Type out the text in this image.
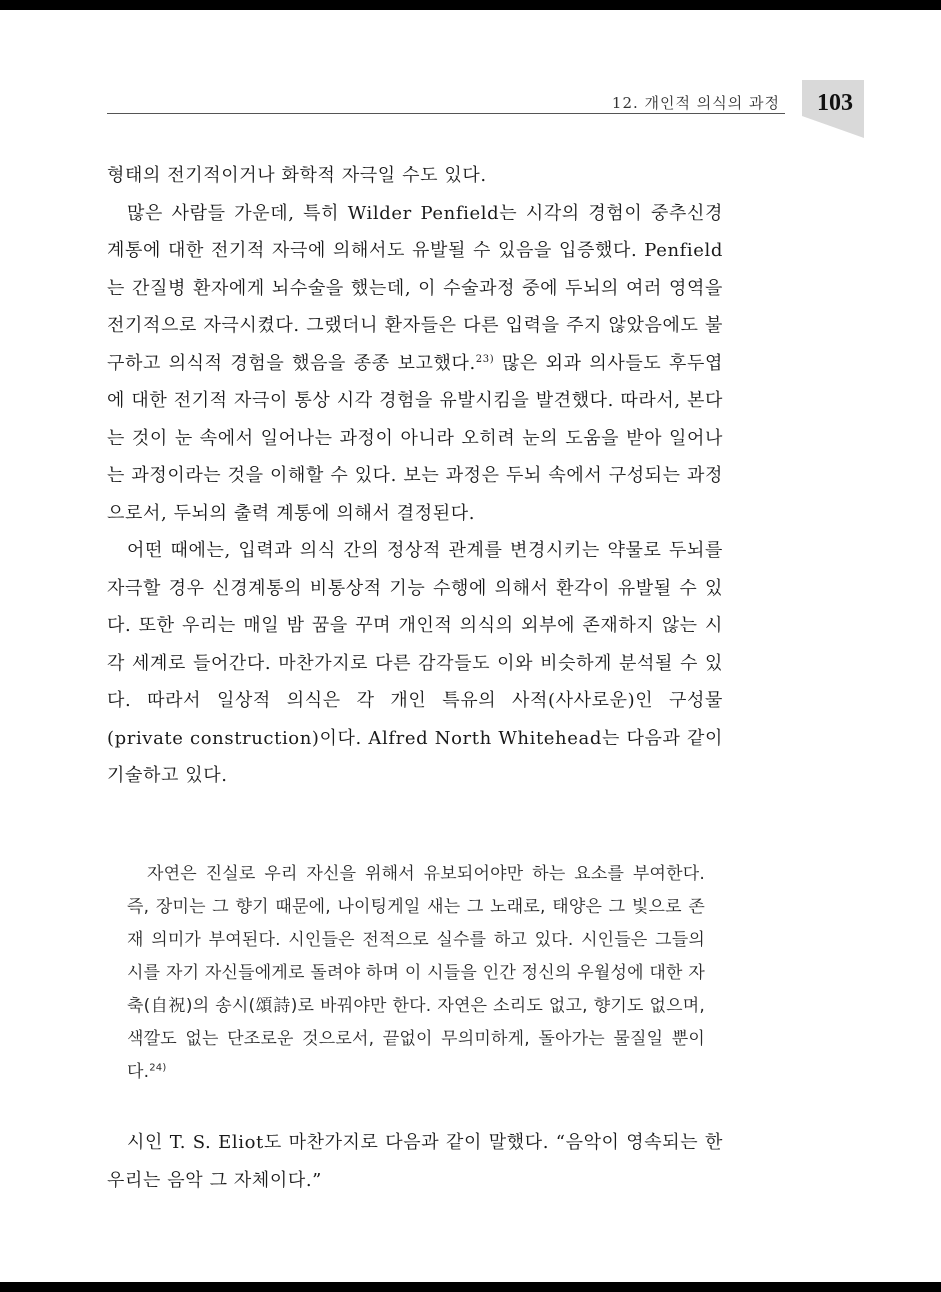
12. 개인적 의식의 과정	103

형태의 전기적이거나 화학적 자극일 수도 있다.

많은 사람들 가운데, 특히 Wilder Penfield는 시각의 경험이 중추신경 계통에 대한 전기적 자극에 의해서도 유발될 수 있음을 입증했다. Penfield는 간질병 환자에게 뇌수술을 했는데, 이 수술과정 중에 두뇌의 여러 영역을 전기적으로 자극시켰다. 그랬더니 환자들은 다른 입력을 주지 않았음에도 불구하고 의식적 경험을 했음을 종종 보고했다.$^{23)}$ 많은 외과 의사들도 후두엽에 대한 전기적 자극이 통상 시각 경험을 유발시킴을 발견했다. 따라서, 본다는 것이 눈 속에서 일어나는 과정이 아니라 오히려 눈의 도움을 받아 일어나는 과정이라는 것을 이해할 수 있다. 보는 과정은 두뇌 속에서 구성되는 과정으로서, 두뇌의 출력 계통에 의해서 결정된다.

어떤 때에는, 입력과 의식 간의 정상적 관계를 변경시키는 약물로 두뇌를 자극할 경우 신경계통의 비통상적 기능 수행에 의해서 환각이 유발될 수 있다. 또한 우리는 매일 밤 꿈을 꾸며 개인적 의식의 외부에 존재하지 않는 시각 세계로 들어간다. 마찬가지로 다른 감각들도 이와 비슷하게 분석될 수 있다. 따라서 일상적 의식은 각 개인 특유의 사적(사사로운)인 구성물(private construction)이다. Alfred North Whitehead는 다음과 같이 기술하고 있다.

자연은 진실로 우리 자신을 위해서 유보되어야만 하는 요소를 부여한다. 즉, 장미는 그 향기 때문에, 나이팅게일 새는 그 노래로, 태양은 그 빛으로 존재 의미가 부여된다. 시인들은 전적으로 실수를 하고 있다. 시인들은 그들의 시를 자기 자신들에게로 돌려야 하며 이 시들을 인간 정신의 우월성에 대한 자축(自祝)의 송시(頌詩)로 바꿔야만 한다. 자연은 소리도 없고, 향기도 없으며, 색깔도 없는 단조로운 것으로서, 끝없이 무의미하게, 돌아가는 물질일 뿐이다.$^{24)}$

시인 T. S. Eliot도 마찬가지로 다음과 같이 말했다. “음악이 영속되는 한 우리는 음악 그 자체이다.”
